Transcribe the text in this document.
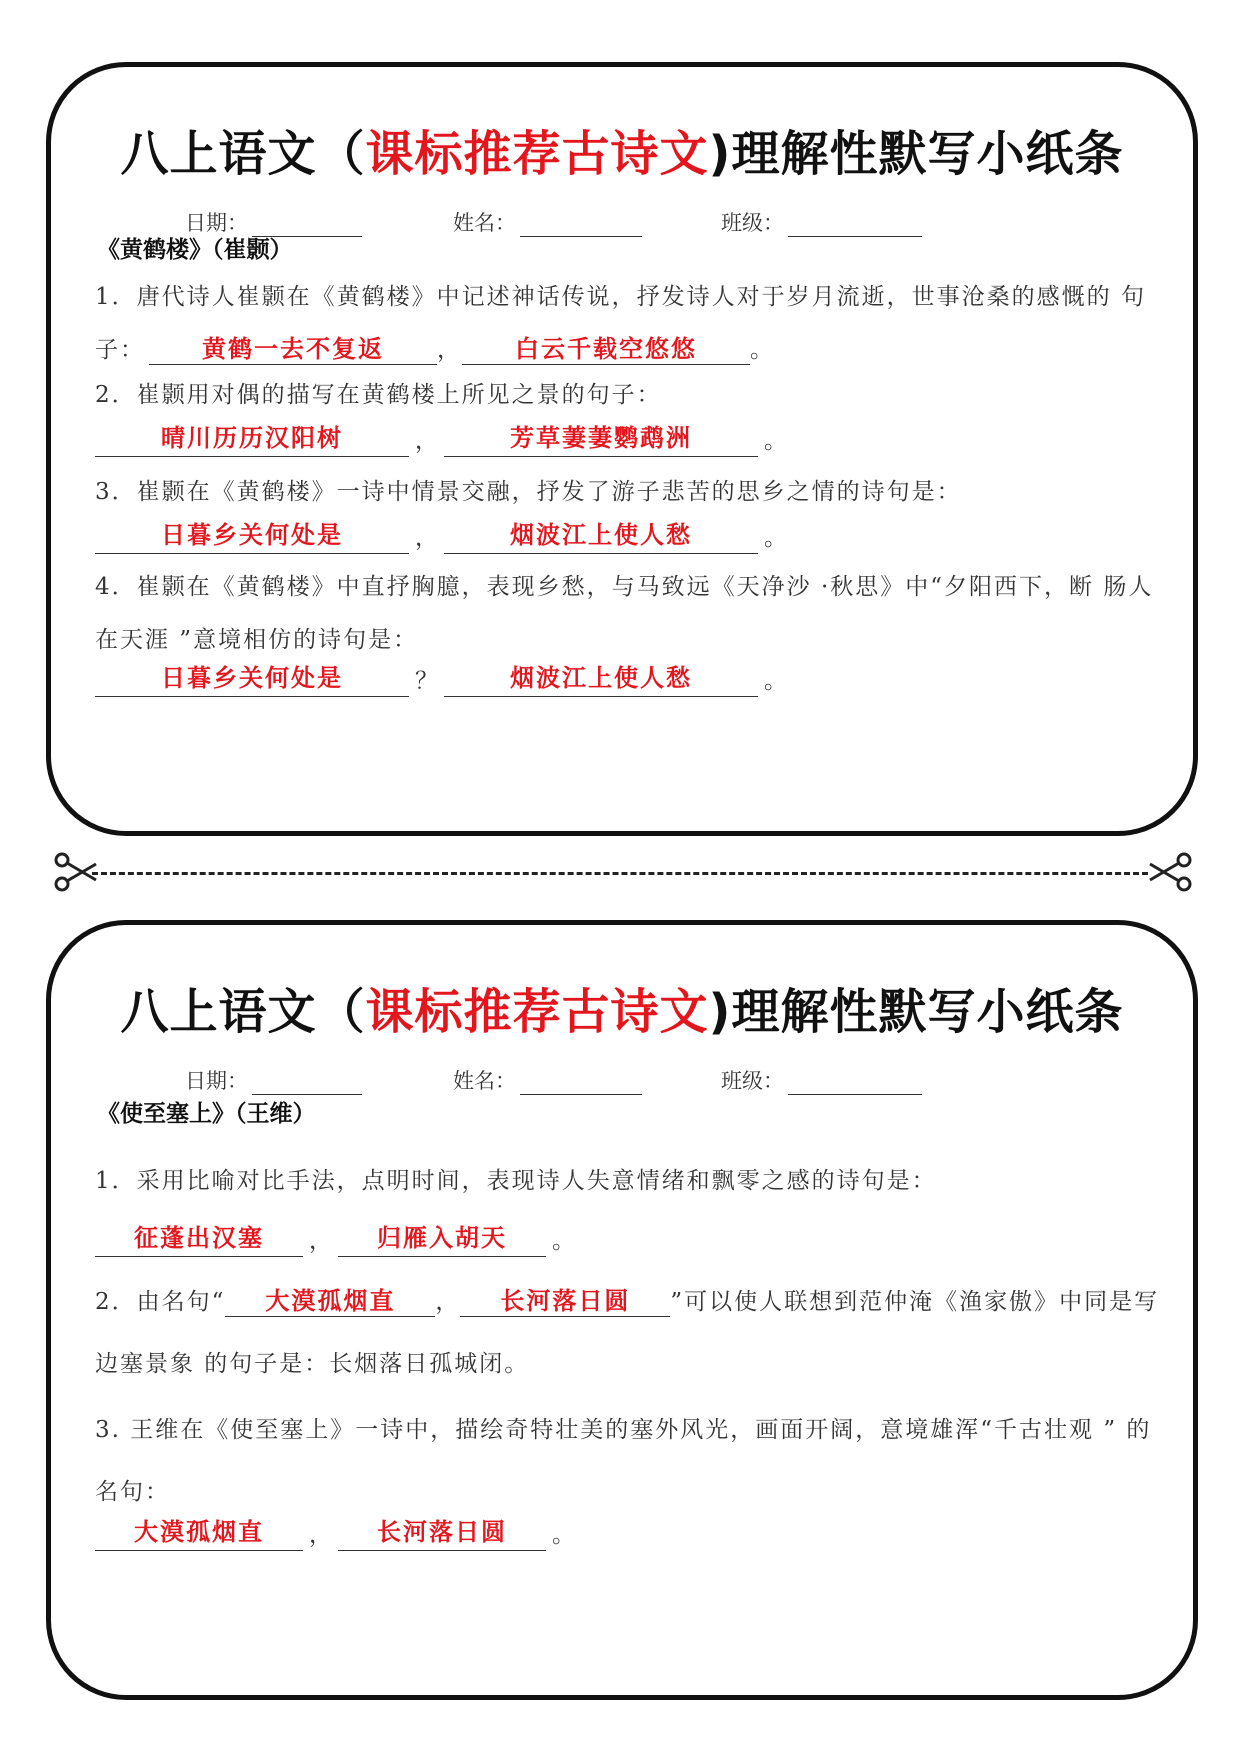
八上语文（课标推荐古诗文)理解性默写小纸条
日期：	姓名：	班级：
《黄鹤楼》（崔颢）
1．唐代诗人崔颢在《黄鹤楼》中记述神话传说，抒发诗人对于岁月流逝，世事沧桑的感慨的 句子： 黄鹤一去不复返 ， 白云千载空悠悠 。
2．崔颢用对偶的描写在黄鹤楼上所见之景的句子：
晴川历历汉阳树	，	芳草萋萋鹦鹉洲	。
3．崔颢在《黄鹤楼》一诗中情景交融，抒发了游子悲苦的思乡之情的诗句是：
日暮乡关何处是	，	烟波江上使人愁	。
4．崔颢在《黄鹤楼》中直抒胸臆，表现乡愁，与马致远《天净沙 ·秋思》中“夕阳西下，断 肠人在天涯 ”意境相仿的诗句是：
日暮乡关何处是	？	烟波江上使人愁	。
八上语文（课标推荐古诗文)理解性默写小纸条
日期：	姓名：	班级：
《使至塞上》（王维）
1．采用比喻对比手法，点明时间，表现诗人失意情绪和飘零之感的诗句是：
征蓬出汉塞	，	归雁入胡天	。
2．由名句“ 大漠孤烟直 ， 长河落日圆 ”可以使人联想到范仲淹《渔家傲》中同是写边塞景象 的句子是：长烟落日孤城闭。
3. 王维在《使至塞上》一诗中，描绘奇特壮美的塞外风光，画面开阔，意境雄浑“千古壮观 ” 的名句：
大漠孤烟直	，	长河落日圆	。
